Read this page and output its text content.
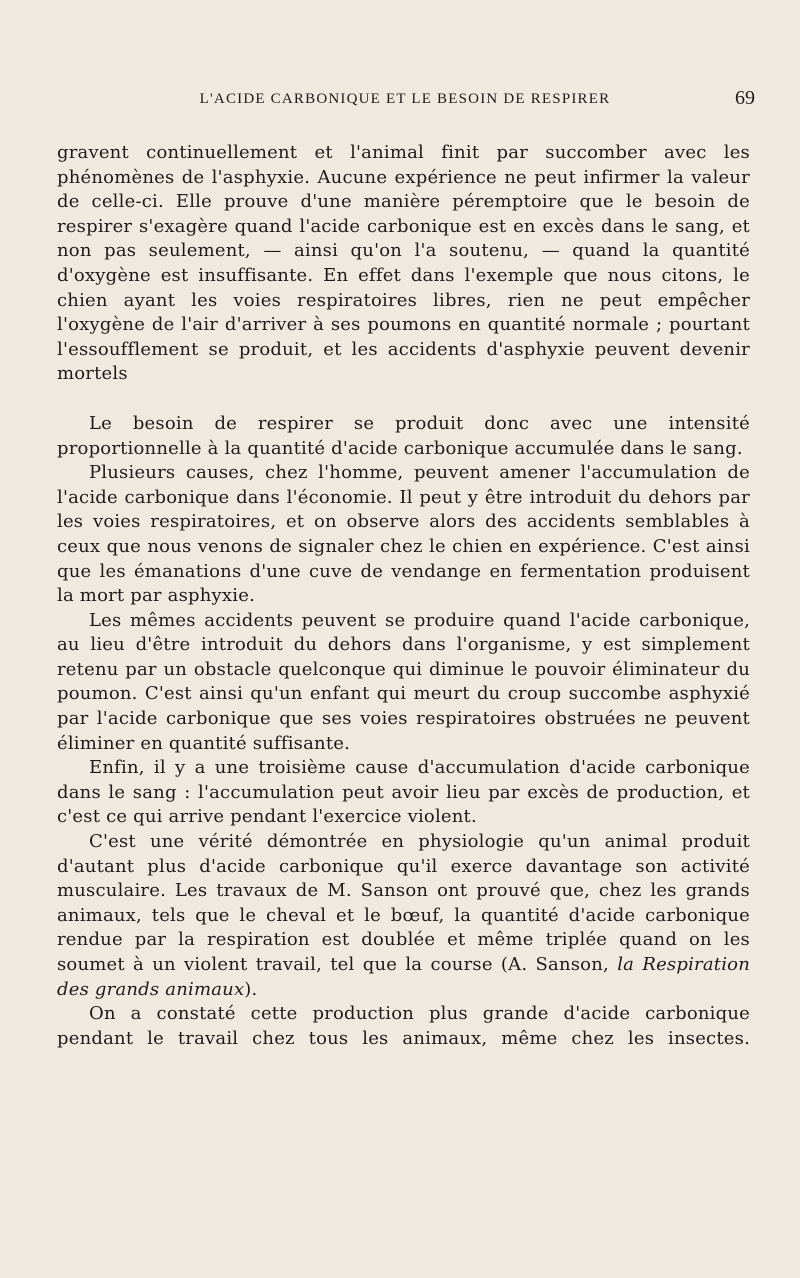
L'ACIDE CARBONIQUE ET LE BESOIN DE RESPIRER	69

gravent continuellement et l'animal finit par succomber avec les phénomènes de l'asphyxie. Aucune expérience ne peut infirmer la valeur de celle-ci. Elle prouve d'une manière péremptoire que le besoin de respirer s'exagère quand l'acide carbonique est en excès dans le sang, et non pas seulement, — ainsi qu'on l'a soutenu, — quand la quantité d'oxygène est insuffisante. En effet dans l'exemple que nous citons, le chien ayant les voies respiratoires libres, rien ne peut empêcher l'oxygène de l'air d'arriver à ses poumons en quantité normale ; pourtant l'essoufflement se produit, et les accidents d'asphyxie peuvent devenir mortels

Le besoin de respirer se produit donc avec une intensité proportionnelle à la quantité d'acide carbonique accumulée dans le sang.

Plusieurs causes, chez l'homme, peuvent amener l'accumulation de l'acide carbonique dans l'économie. Il peut y être introduit du dehors par les voies respiratoires, et on observe alors des accidents semblables à ceux que nous venons de signaler chez le chien en expérience. C'est ainsi que les émanations d'une cuve de vendange en fermentation produisent la mort par asphyxie.

Les mêmes accidents peuvent se produire quand l'acide carbonique, au lieu d'être introduit du dehors dans l'organisme, y est simplement retenu par un obstacle quelconque qui diminue le pouvoir éliminateur du poumon. C'est ainsi qu'un enfant qui meurt du croup succombe asphyxié par l'acide carbonique que ses voies respiratoires obstruées ne peuvent éliminer en quantité suffisante.

Enfin, il y a une troisième cause d'accumulation d'acide carbonique dans le sang : l'accumulation peut avoir lieu par excès de production, et c'est ce qui arrive pendant l'exercice violent.

C'est une vérité démontrée en physiologie qu'un animal produit d'autant plus d'acide carbonique qu'il exerce davantage son activité musculaire. Les travaux de M. Sanson ont prouvé que, chez les grands animaux, tels que le cheval et le bœuf, la quantité d'acide carbonique rendue par la respiration est doublée et même triplée quand on les soumet à un violent travail, tel que la course (A. Sanson, la Respiration des grands animaux).

On a constaté cette production plus grande d'acide carbonique pendant le travail chez tous les animaux, même chez les insectes.
